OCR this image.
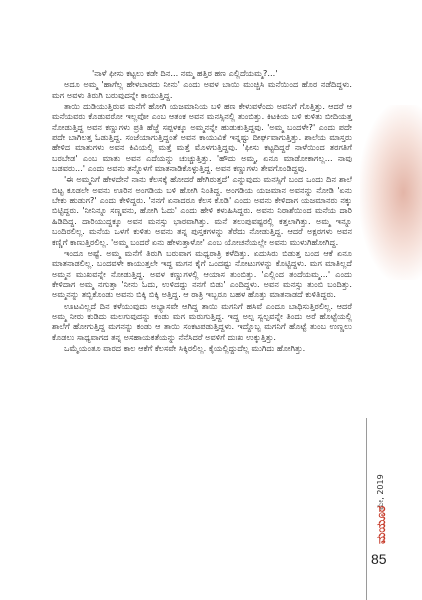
'ನಾಳೆ ಫೀಸು ಕಟ್ಟಲು ಕಡೇ ದಿನ... ನಮ್ಮ ಹತ್ತಿರ ಹಣ ಎಲ್ಲಿದೆಯಮ್ಮ?...'

ಅದೂ ಅಮ್ಮ 'ಹಾಗೆಲ್ಲ ಹೇಳಬಾರದು ನೀನು' ಎಂದು ಅವಳ ಬಾಯಿ ಮುಚ್ಚಿಸಿ ಮನೆಯಿಂದ ಹೊರ ನಡೆದಿದ್ದಳು. ಮಗ ಅವಳು ತಿರುಗಿ ಬರುವುದನ್ನೇ ಕಾಯುತ್ತಿದ್ದ.

ತಾಯಿ ದುಡಿಯುತ್ತಿರುವ ಮನೆಗೆ ಹೋಗಿ ಯಜಮಾನಿಯ ಬಳಿ ಹಣ ಕೇಳುವಳೆಂದು ಅವನಿಗೆ ಗೊತ್ತಿತ್ತು. ಆದರೆ ಆ ಮನೆಯವರು ಕೊಡುವರೋ ಇಲ್ಲವೋ ಎಂಬ ಆತಂಕ ಅವನ ಮನಸ್ಸಿನಲ್ಲಿ ತುಂಬಿತ್ತು. ಕಿಟಕಿಯ ಬಳಿ ಕುಳಿತು ಬೀದಿಯತ್ತ ನೋಡುತ್ತಿದ್ದ ಅವನ ಕಣ್ಣುಗಳು ಪ್ರತಿ ಹೆಜ್ಜೆ ಸಪ್ಪಳಕ್ಕೂ ಅಮ್ಮನನ್ನೇ ಹುಡುಕುತ್ತಿದ್ದವು. 'ಅಮ್ಮ ಬಂದಳೇ?' ಎಂದು ಪದೇ ಪದೇ ಬಾಗಿಲತ್ತ ಓಡುತ್ತಿದ್ದ. ಸಂಜೆಯಾಗುತ್ತಿದ್ದಂತೆ ಅವನ ಕಾಯುವಿಕೆ ಇನ್ನಷ್ಟು ದೀರ್ಘವಾಗುತ್ತಿತ್ತು. ಶಾಲೆಯ ಮಾಸ್ತರು ಹೇಳಿದ ಮಾತುಗಳು ಅವನ ಕಿವಿಯಲ್ಲಿ ಮತ್ತೆ ಮತ್ತೆ ಮೊಳಗುತ್ತಿದ್ದವು. 'ಫೀಸು ಕಟ್ಟದಿದ್ದರೆ ನಾಳೆಯಿಂದ ತರಗತಿಗೆ ಬರಬೇಡ' ಎಂಬ ಮಾತು ಅವನ ಎದೆಯನ್ನು ಚುಚ್ಚುತ್ತಿತ್ತು. 'ಹೌದು ಅಮ್ಮ, ಏನೂ ಮಾಡೋಕಾಗಲ್ಲ... ನಾವು ಬಡವರು...' ಎಂದು ಅವನು ತನ್ನೊಳಗೆ ಮಾತನಾಡಿಕೊಳ್ಳುತ್ತಿದ್ದ. ಅವನ ಕಣ್ಣುಗಳು ತೇವಗೊಂಡಿದ್ದವು.

'ಈ ಅಮ್ಮನಿಗೆ ಹೇಳದೇನೆ ನಾನು ಕೆಲಸಕ್ಕೆ ಹೋದರೆ ಹೇಗಿರುತ್ತದೆ' ಎನ್ನುವುದು ಮನಸ್ಸಿಗೆ ಬಂದ ಒಂದು ದಿನ ಶಾಲೆ ಬಿಟ್ಟ ಕೂಡಲೇ ಅವನು ಊರಿನ ಅಂಗಡಿಯ ಬಳಿ ಹೋಗಿ ನಿಂತಿದ್ದ. ಅಂಗಡಿಯ ಯಜಮಾನ ಅವನನ್ನು ನೋಡಿ 'ಏನು ಬೇಕು ಹುಡುಗ?' ಎಂದು ಕೇಳಿದ್ದರು. 'ನನಗೆ ಏನಾದರೂ ಕೆಲಸ ಕೊಡಿ' ಎಂದು ಅವನು ಕೇಳಿದಾಗ ಯಜಮಾನರು ನಕ್ಕು ಬಿಟ್ಟಿದ್ದರು. 'ನೀನಿನ್ನೂ ಸಣ್ಣವನು, ಹೋಗಿ ಓದು' ಎಂದು ಹೇಳಿ ಕಳುಹಿಸಿದ್ದರು. ಅವನು ನಿರಾಶೆಯಿಂದ ಮನೆಯ ದಾರಿ ಹಿಡಿದಿದ್ದ. ದಾರಿಯುದ್ದಕ್ಕೂ ಅವನ ಮನಸ್ಸು ಭಾರವಾಗಿತ್ತು. ಮನೆ ತಲುಪುವಷ್ಟರಲ್ಲಿ ಕತ್ತಲಾಗಿತ್ತು. ಅಮ್ಮ ಇನ್ನೂ ಬಂದಿರಲಿಲ್ಲ. ಮನೆಯ ಒಳಗೆ ಕುಳಿತು ಅವನು ತನ್ನ ಪುಸ್ತಕಗಳನ್ನು ತೆರೆದು ನೋಡುತ್ತಿದ್ದ. ಆದರೆ ಅಕ್ಷರಗಳು ಅವನ ಕಣ್ಣಿಗೆ ಕಾಣುತ್ತಿರಲಿಲ್ಲ. 'ಅಮ್ಮ ಬಂದರೆ ಏನು ಹೇಳುತ್ತಾಳೋ' ಎಂಬ ಯೋಚನೆಯಲ್ಲೇ ಅವನು ಮುಳುಗಿಹೋಗಿದ್ದ.

ಇಂದೂ ಅಷ್ಟೆ. ಅಮ್ಮ ಮನೆಗೆ ತಿರುಗಿ ಬರುವಾಗ ಮಧ್ಯರಾತ್ರಿ ಕಳೆದಿತ್ತು. ಏದುಸಿರು ಬಿಡುತ್ತ ಬಂದ ಆಕೆ ಏನೂ ಮಾತನಾಡಲಿಲ್ಲ. ಬಂದವಳೇ ಕಾಯುತ್ತಲೇ ಇದ್ದ ಮಗನ ಕೈಗೆ ಒಂದಷ್ಟು ನೋಟುಗಳನ್ನು ಕೊಟ್ಟಿದ್ದಳು. ಮಗ ಮಾತಿಲ್ಲದೆ ಅಮ್ಮನ ಮುಖವನ್ನೇ ನೋಡುತ್ತಿದ್ದ. ಅವಳ ಕಣ್ಣುಗಳಲ್ಲಿ ಆಯಾಸ ತುಂಬಿತ್ತು. 'ಎಲ್ಲಿಂದ ತಂದೆಯಮ್ಮ...' ಎಂದು ಕೇಳಿದಾಗ ಅಮ್ಮ ನಗುತ್ತಾ 'ನೀನು ಓದು, ಉಳಿದದ್ದು ನನಗೆ ಬಿಡು' ಎಂದಿದ್ದಳು. ಅವನ ಮನಸ್ಸು ತುಂಬಿ ಬಂದಿತ್ತು. ಅಮ್ಮನನ್ನು ತಬ್ಬಿಕೊಂಡು ಅವನು ಬಿಕ್ಕಿ ಬಿಕ್ಕಿ ಅತ್ತಿದ್ದ. ಆ ರಾತ್ರಿ ಇಬ್ಬರೂ ಬಹಳ ಹೊತ್ತು ಮಾತನಾಡದೆ ಕುಳಿತಿದ್ದರು.

ಊಟವಿಲ್ಲದೆ ದಿನ ಕಳೆಯುವುದು ಅಭ್ಯಾಸವೇ ಆಗಿದ್ದ ತಾಯಿ ಮಗನಿಗೆ ಹಸಿವೆ ಎಂದೂ ಬಾಧಿಸುತ್ತಿರಲಿಲ್ಲ. ಆದರೆ ಅಮ್ಮ ನೀರು ಕುಡಿದು ಮಲಗುವುದನ್ನು ಕಂಡು ಮಗ ಮರುಗುತ್ತಿದ್ದ. ಇದ್ದ ಅಲ್ಪ ಸ್ವಲ್ಪವನ್ನೇ ತಿಂದು ಅರೆ ಹೊಟ್ಟೆಯಲ್ಲಿ ಶಾಲೆಗೆ ಹೋಗುತ್ತಿದ್ದ ಮಗನನ್ನು ಕಂಡು ಆ ತಾಯಿ ಸಂಕಟಪಡುತ್ತಿದ್ದಳು. ಇದ್ದೊಬ್ಬ ಮಗನಿಗೆ ಹೊಟ್ಟೆ ತುಂಬ ಉಣ್ಣಲು ಕೊಡಲು ಸಾಧ್ಯವಾಗದ ತನ್ನ ಅಸಹಾಯಕತೆಯನ್ನು ನೆನೆಸಿದರೆ ಅವಳಿಗೆ ದುಃಖ ಉಕ್ಕುತ್ತಿತ್ತು.

ಒಮ್ಮೆಯಂತೂ ವಾರದ ಕಾಲ ಆಕೆಗೆ ಕೆಲಸವೇ ಸಿಕ್ಕಿರಲಿಲ್ಲ. ಕೈಯಲ್ಲಿದ್ದುದೆಲ್ಲ ಮುಗಿದು ಹೋಗಿತ್ತು.

ಮೇ, 2019
ಮಯೂರ
85
